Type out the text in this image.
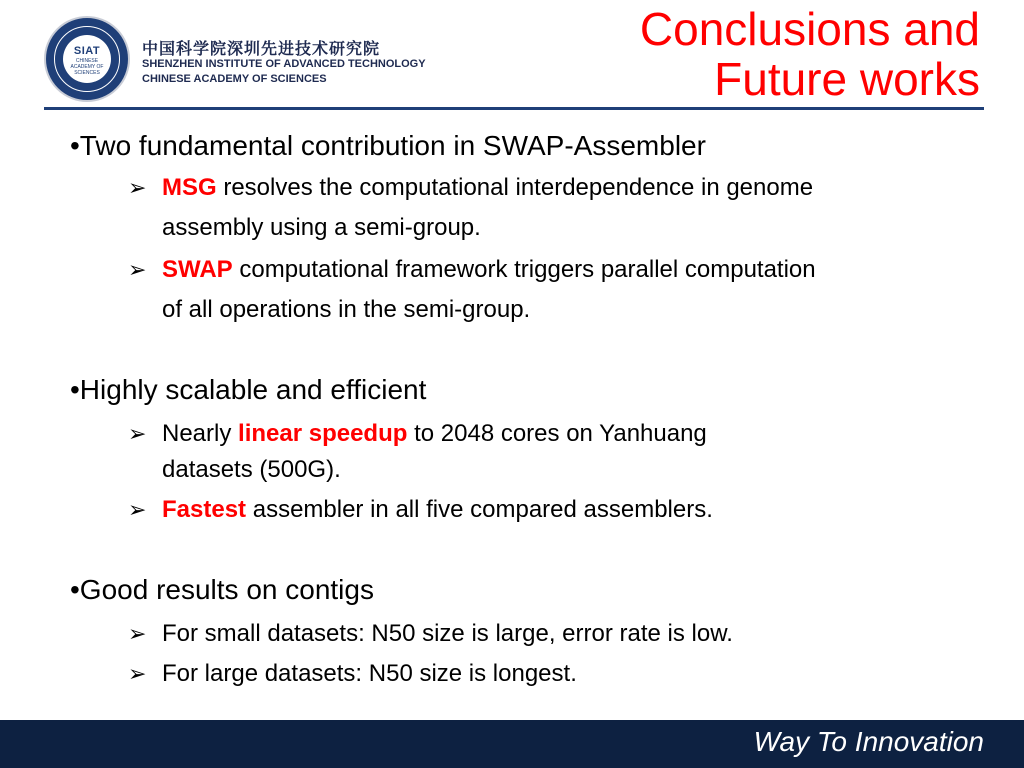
SIAT
CHINESE ACADEMY OF SCIENCES
中国科学院深圳先进技术研究院
SHENZHEN INSTITUTE OF ADVANCED TECHNOLOGY
CHINESE ACADEMY OF SCIENCES
Conclusions and Future works
•Two fundamental contribution in SWAP-Assembler
➢ MSG resolves the computational interdependence in genome
assembly using a semi-group.
➢ SWAP computational framework triggers parallel computation
of all operations in the semi-group.
•Highly scalable and efficient
➢ Nearly linear speedup to 2048 cores on Yanhuang
datasets (500G).
➢ Fastest assembler in all five compared assemblers.
•Good results on contigs
➢ For small datasets: N50 size is large, error rate is low.
➢ For large datasets: N50 size is longest.
Way To Innovation
